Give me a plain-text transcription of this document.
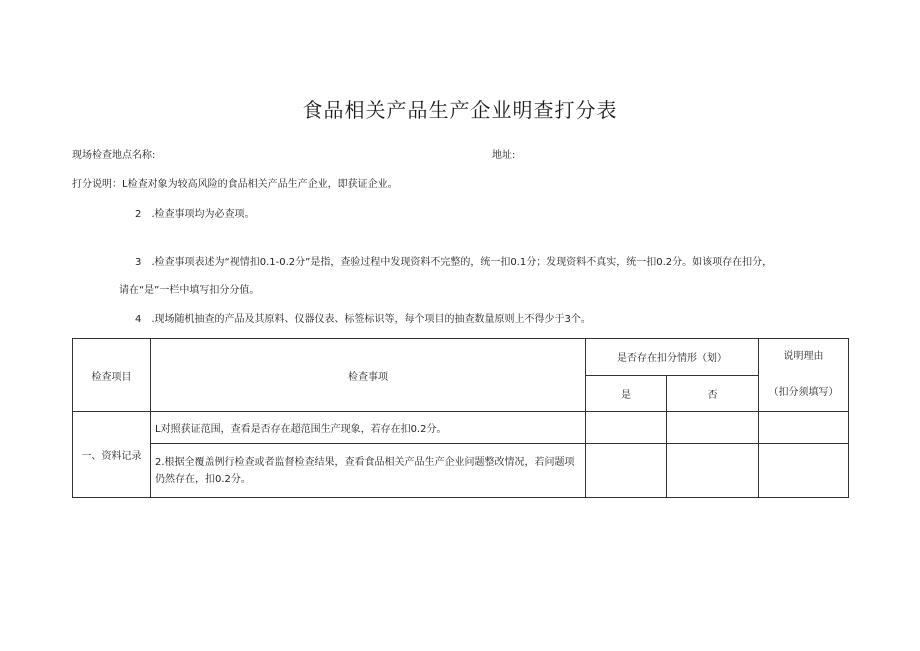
食品相关产品生产企业明查打分表
现场检查地点名称:	地址:
打分说明：L检查对象为较高风险的食品相关产品生产企业，即获证企业。
2　.检查事项均为必查项。
3　.检查事项表述为“视情扣0.1-0.2分”是指，查验过程中发现资料不完整的，统一扣0.1分；发现资料不真实，统一扣0.2分。如该项存在扣分，
请在“是”一栏中填写扣分分值。
4　.现场随机抽查的产品及其原料、仪器仪表、标签标识等，每个项目的抽查数量原则上不得少于3个。
检查项目	检查事项	是否存在扣分情形（划）		说明理由
（扣分须填写）

		是	否	
一、资料记录	L对照获证范围，查看是否存在超范围生产现象，若存在扣0.2分。			
	2.根据全覆盖例行检查或者监督检查结果，查看食品相关产品生产企业问题整改情况，若问题项仍然存在，扣0.2分。			
